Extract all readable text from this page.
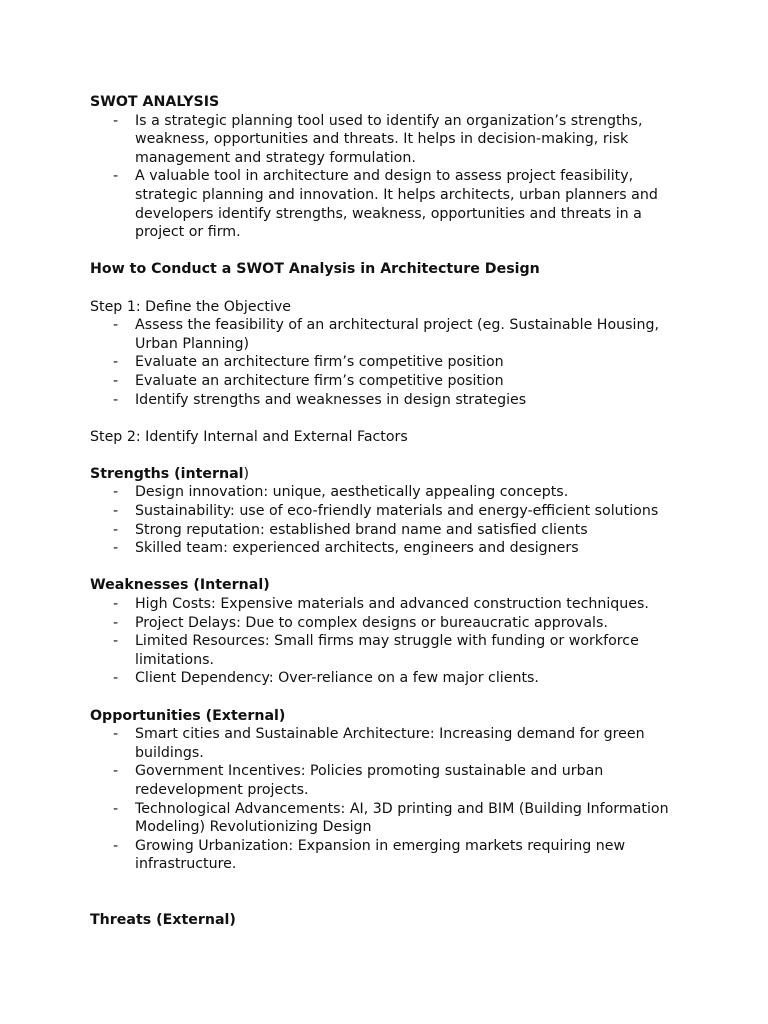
SWOT ANALYSIS

- Is a strategic planning tool used to identify an organization’s strengths, weakness, opportunities and threats. It helps in decision-making, risk management and strategy formulation.
- A valuable tool in architecture and design to assess project feasibility, strategic planning and innovation. It helps architects, urban planners and developers identify strengths, weakness, opportunities and threats in a project or firm.

How to Conduct a SWOT Analysis in Architecture Design

Step 1: Define the Objective

- Assess the feasibility of an architectural project (eg. Sustainable Housing, Urban Planning)
- Evaluate an architecture firm’s competitive position
- Evaluate an architecture firm’s competitive position
- Identify strengths and weaknesses in design strategies

Step 2: Identify Internal and External Factors

Strengths (internal)

- Design innovation: unique, aesthetically appealing concepts.
- Sustainability: use of eco-friendly materials and energy-efficient solutions
- Strong reputation: established brand name and satisfied clients
- Skilled team: experienced architects, engineers and designers

Weaknesses (Internal)

- High Costs: Expensive materials and advanced construction techniques.
- Project Delays: Due to complex designs or bureaucratic approvals.
- Limited Resources: Small firms may struggle with funding or workforce limitations.
- Client Dependency: Over-reliance on a few major clients.

Opportunities (External)

- Smart cities and Sustainable Architecture: Increasing demand for green buildings.
- Government Incentives: Policies promoting sustainable and urban redevelopment projects.
- Technological Advancements: AI, 3D printing and BIM (Building Information Modeling) Revolutionizing Design
- Growing Urbanization: Expansion in emerging markets requiring new infrastructure.

Threats (External)
